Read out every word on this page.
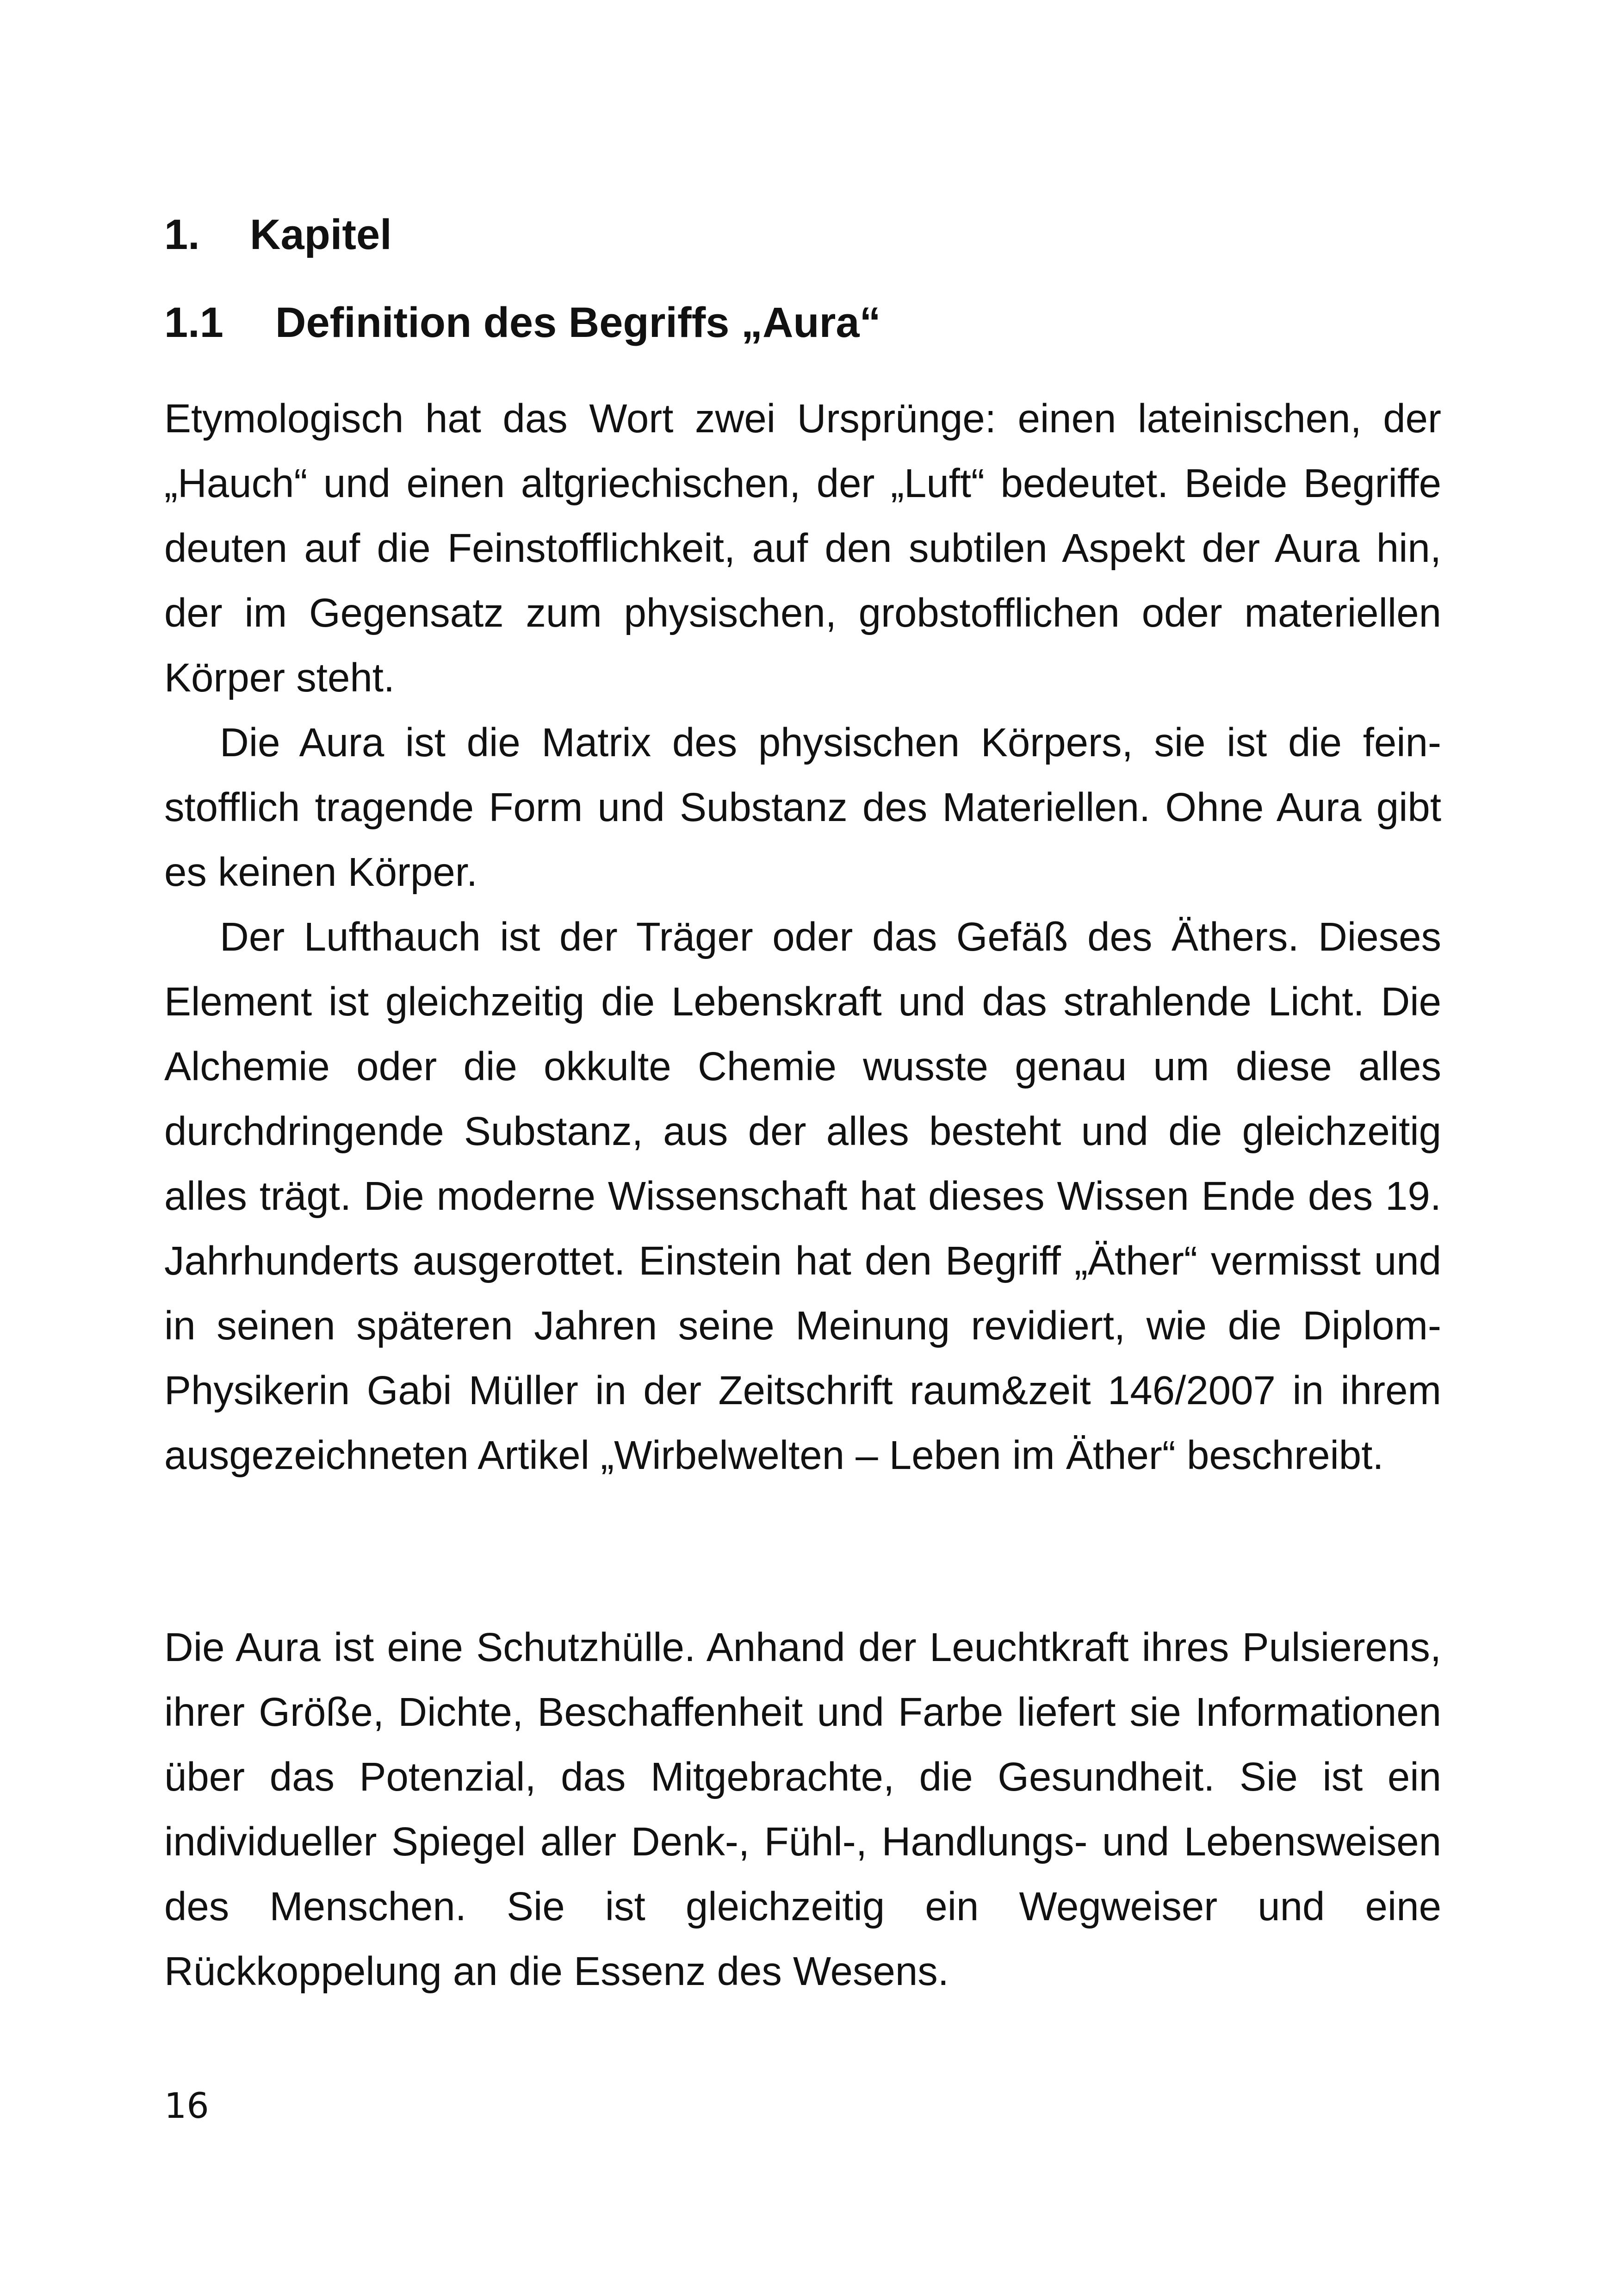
1.	Kapitel
1.1	Definition des Begriffs „Aura“

Etymologisch hat das Wort zwei Ursprünge: einen lateinischen, der „Hauch“ und einen altgriechischen, der „Luft“ bedeutet. Beide Begriffe deuten auf die Feinstofflichkeit, auf den subtilen Aspekt der Aura hin, der im Gegensatz zum physischen, grobstofflichen oder materiellen Körper steht.

Die Aura ist die Matrix des physischen Körpers, sie ist die feinstofflich tragende Form und Substanz des Materiellen. Ohne Aura gibt es keinen Körper.

Der Lufthauch ist der Träger oder das Gefäß des Äthers. Dieses Element ist gleichzeitig die Lebenskraft und das strahlende Licht. Die Alchemie oder die okkulte Chemie wusste genau um diese alles durchdringende Substanz, aus der alles besteht und die gleichzeitig alles trägt. Die moderne Wissenschaft hat dieses Wissen Ende des 19. Jahrhunderts ausgerottet. Einstein hat den Begriff „Äther“ vermisst und in seinen späteren Jahren seine Meinung revidiert, wie die Diplom-Physikerin Gabi Müller in der Zeitschrift raum&zeit 146/2007 in ihrem ausgezeichneten Artikel „Wirbelwelten – Leben im Äther“ beschreibt.

Die Aura ist eine Schutzhülle. Anhand der Leuchtkraft ihres Pulsierens, ihrer Größe, Dichte, Beschaffenheit und Farbe liefert sie Informationen über das Potenzial, das Mitgebrachte, die Gesundheit. Sie ist ein individueller Spiegel aller Denk-, Fühl-, Handlungs- und Lebensweisen des Menschen. Sie ist gleichzeitig ein Wegweiser und eine Rückkoppelung an die Essenz des Wesens.

16
